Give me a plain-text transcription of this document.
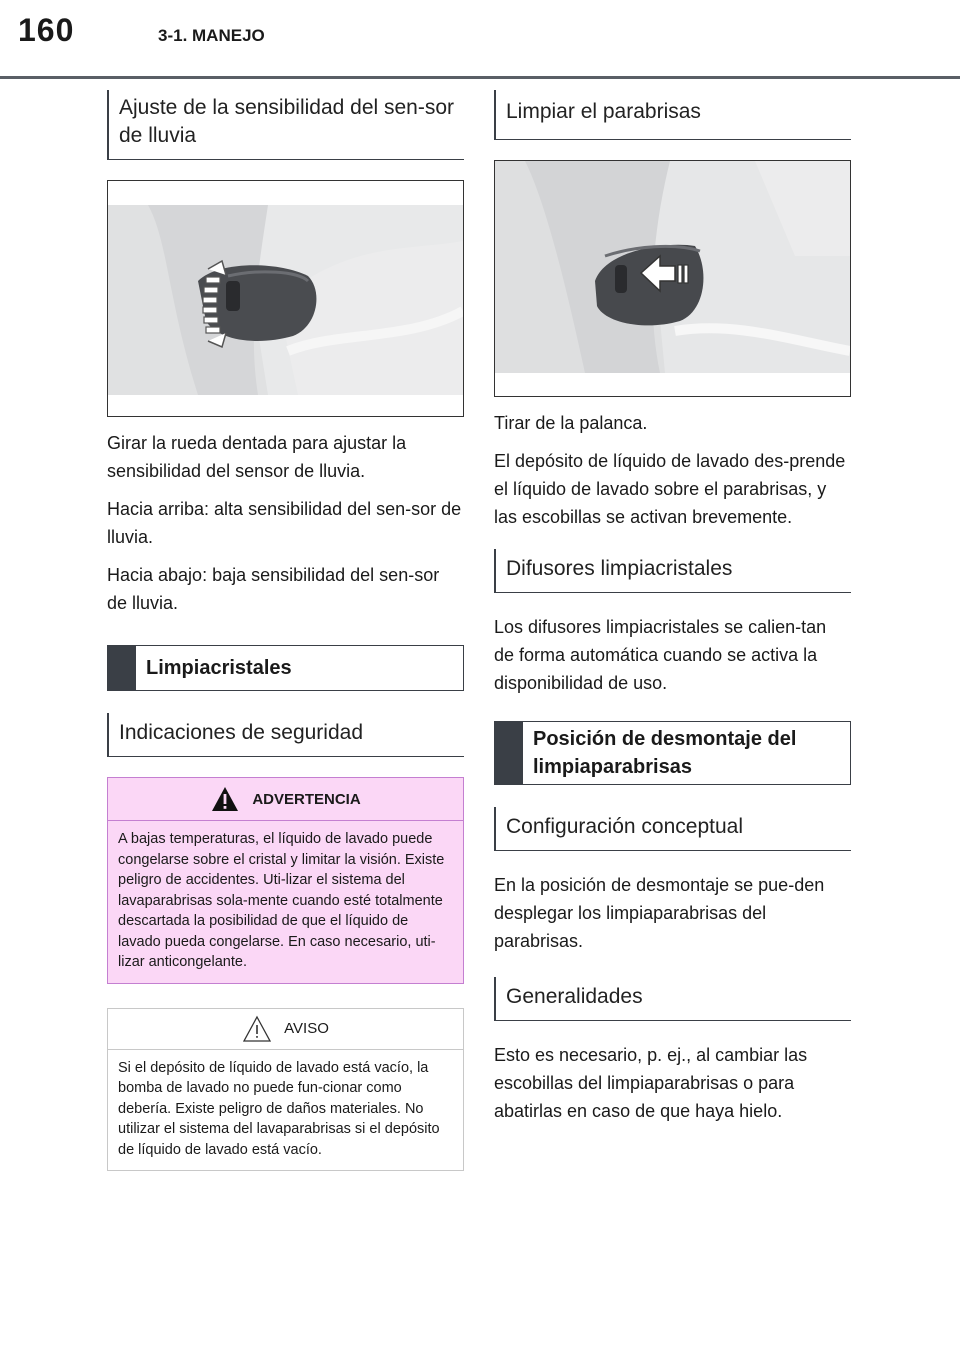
160	3-1. MANEJO
Ajuste de la sensibilidad del sen-sor de lluvia

Girar la rueda dentada para ajustar la sensibilidad del sensor de lluvia.

Hacia arriba: alta sensibilidad del sen-sor de lluvia.

Hacia abajo: baja sensibilidad del sen-sor de lluvia.

Limpiacristales
Indicaciones de seguridad
ADVERTENCIA
A bajas temperaturas, el líquido de lavado puede congelarse sobre el cristal y limitar la visión. Existe peligro de accidentes. Uti-lizar el sistema del lavaparabrisas sola-mente cuando esté totalmente descartada la posibilidad de que el líquido de lavado pueda congelarse. En caso necesario, uti-lizar anticongelante.
AVISO
Si el depósito de líquido de lavado está vacío, la bomba de lavado no puede fun-cionar como debería. Existe peligro de daños materiales. No utilizar el sistema del lavaparabrisas si el depósito de líquido de lavado está vacío.
Limpiar el parabrisas

Tirar de la palanca.

El depósito de líquido de lavado des-prende el líquido de lavado sobre el parabrisas, y las escobillas se activan brevemente.

Difusores limpiacristales

Los difusores limpiacristales se calien-tan de forma automática cuando se activa la disponibilidad de uso.

Posición de desmontaje del limpiaparabrisas
Configuración conceptual

En la posición de desmontaje se pue-den desplegar los limpiaparabrisas del parabrisas.

Generalidades

Esto es necesario, p. ej., al cambiar las escobillas del limpiaparabrisas o para abatirlas en caso de que haya hielo.
